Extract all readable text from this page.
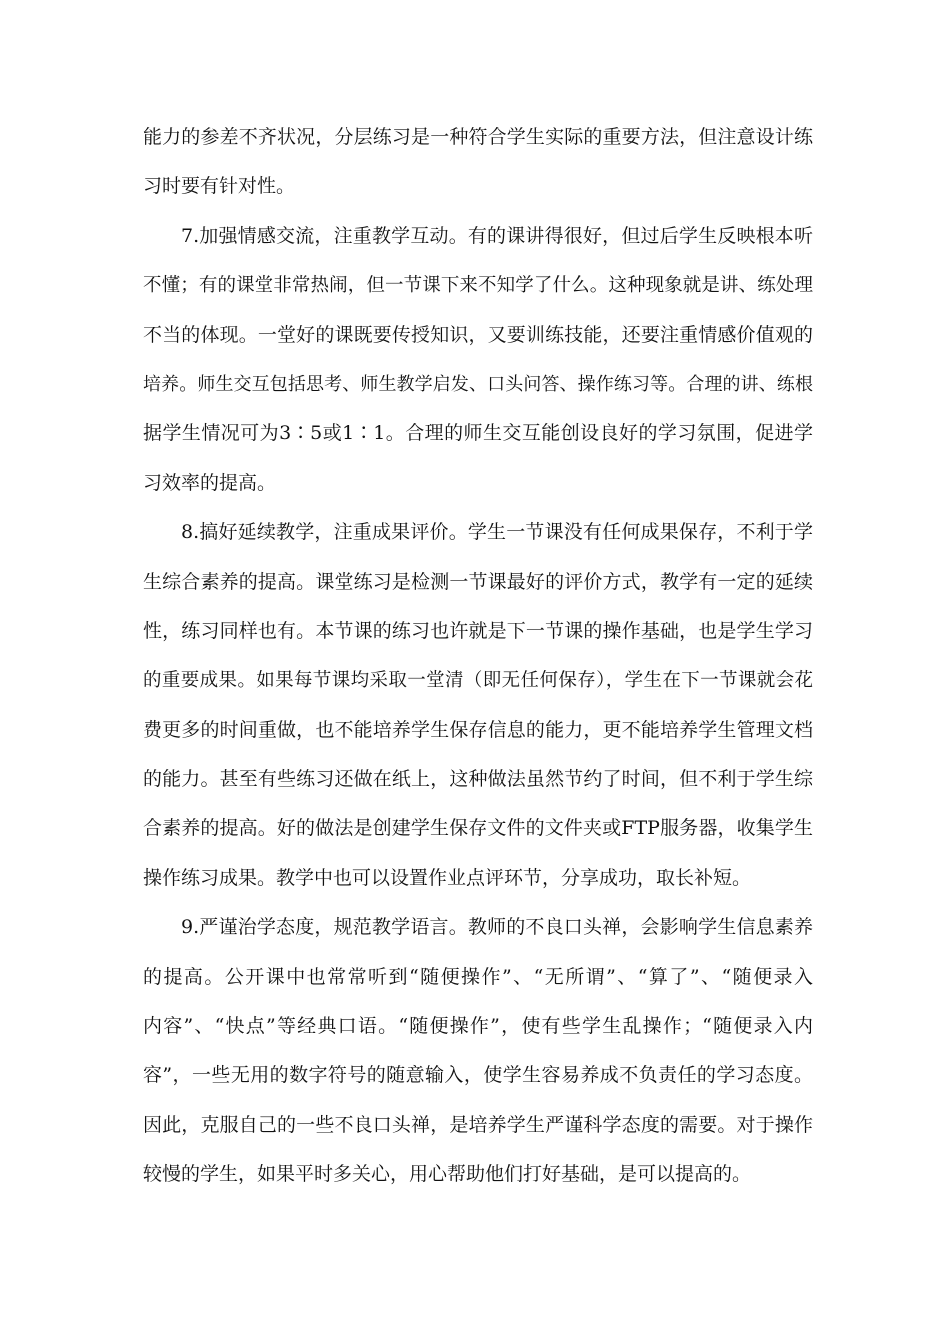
能力的参差不齐状况，分层练习是一种符合学生实际的重要方法，但注意设计练
习时要有针对性。
7.加强情感交流，注重教学互动。有的课讲得很好，但过后学生反映根本听
不懂；有的课堂非常热闹，但一节课下来不知学了什么。这种现象就是讲、练处理
不当的体现。一堂好的课既要传授知识，又要训练技能，还要注重情感价值观的
培养。师生交互包括思考、师生教学启发、口头问答、操作练习等。合理的讲、练根
据学生情况可为3∶5或1∶1。合理的师生交互能创设良好的学习氛围，促进学
习效率的提高。
8.搞好延续教学，注重成果评价。学生一节课没有任何成果保存，不利于学
生综合素养的提高。课堂练习是检测一节课最好的评价方式，教学有一定的延续
性，练习同样也有。本节课的练习也许就是下一节课的操作基础，也是学生学习
的重要成果。如果每节课均采取一堂清（即无任何保存），学生在下一节课就会花
费更多的时间重做，也不能培养学生保存信息的能力，更不能培养学生管理文档
的能力。甚至有些练习还做在纸上，这种做法虽然节约了时间，但不利于学生综
合素养的提高。好的做法是创建学生保存文件的文件夹或FTP服务器，收集学生
操作练习成果。教学中也可以设置作业点评环节，分享成功，取长补短。
9.严谨治学态度，规范教学语言。教师的不良口头禅，会影响学生信息素养
的提高。公开课中也常常听到“随便操作”、“无所谓”、“算了”、“随便录入
内容”、“快点”等经典口语。“随便操作”，使有些学生乱操作；“随便录入内
容”，一些无用的数字符号的随意输入，使学生容易养成不负责任的学习态度。
因此，克服自己的一些不良口头禅，是培养学生严谨科学态度的需要。对于操作
较慢的学生，如果平时多关心，用心帮助他们打好基础，是可以提高的。
